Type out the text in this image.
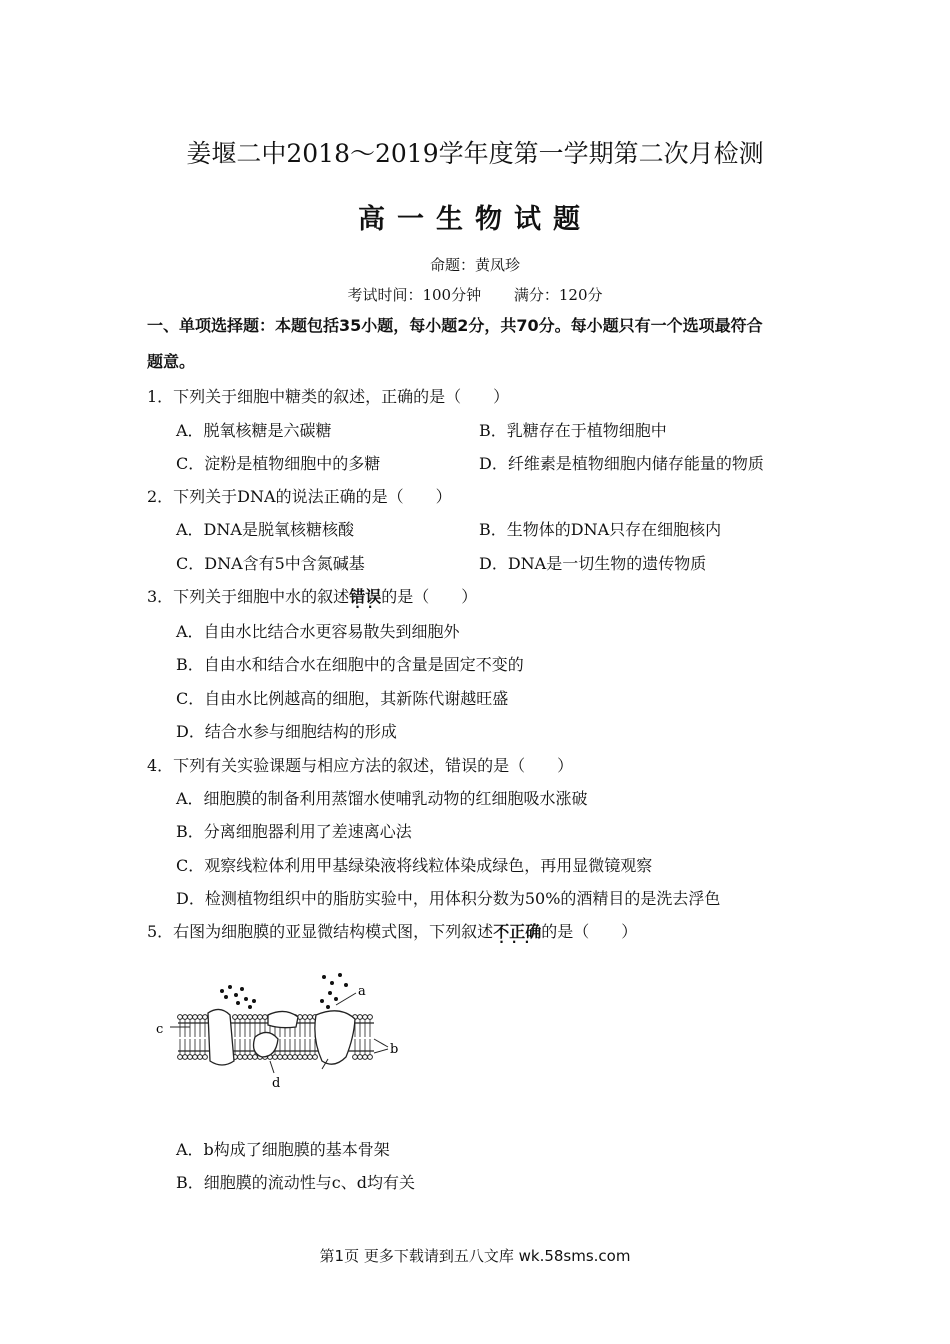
姜堰二中2018～2019学年度第一学期第二次月检测
高一生物试题
命题：黄凤珍
考试时间：100分钟 满分：120分
一、单项选择题：本题包括35小题，每小题2分，共70分。每小题只有一个选项最符合
题意。
1．下列关于细胞中糖类的叙述，正确的是（　　）
A．脱氧核糖是六碳糖	B．乳糖存在于植物细胞中
C．淀粉是植物细胞中的多糖	D．纤维素是植物细胞内储存能量的物质
2．下列关于DNA的说法正确的是（　　）
A．DNA是脱氧核糖核酸	B．生物体的DNA只存在细胞核内
C．DNA含有5中含氮碱基	D．DNA是一切生物的遗传物质
3．下列关于细胞中水的叙述错误 · ·的是（　　）
A．自由水比结合水更容易散失到细胞外
B．自由水和结合水在细胞中的含量是固定不变的
C．自由水比例越高的细胞，其新陈代谢越旺盛
D．结合水参与细胞结构的形成
4．下列有关实验课题与相应方法的叙述，错误的是（　　）
A．细胞膜的制备利用蒸馏水使哺乳动物的红细胞吸水涨破
B．分离细胞器利用了差速离心法
C．观察线粒体利用甲基绿染液将线粒体染成绿色，再用显微镜观察
D．检测植物组织中的脂肪实验中，用体积分数为50%的酒精目的是洗去浮色
5．右图为细胞膜的亚显微结构模式图，下列叙述不正确 · · ·的是（　　）
c
a
b
d
A．b构成了细胞膜的基本骨架
B．细胞膜的流动性与c、d均有关
第1页 更多下载请到五八文库 wk.58sms.com
